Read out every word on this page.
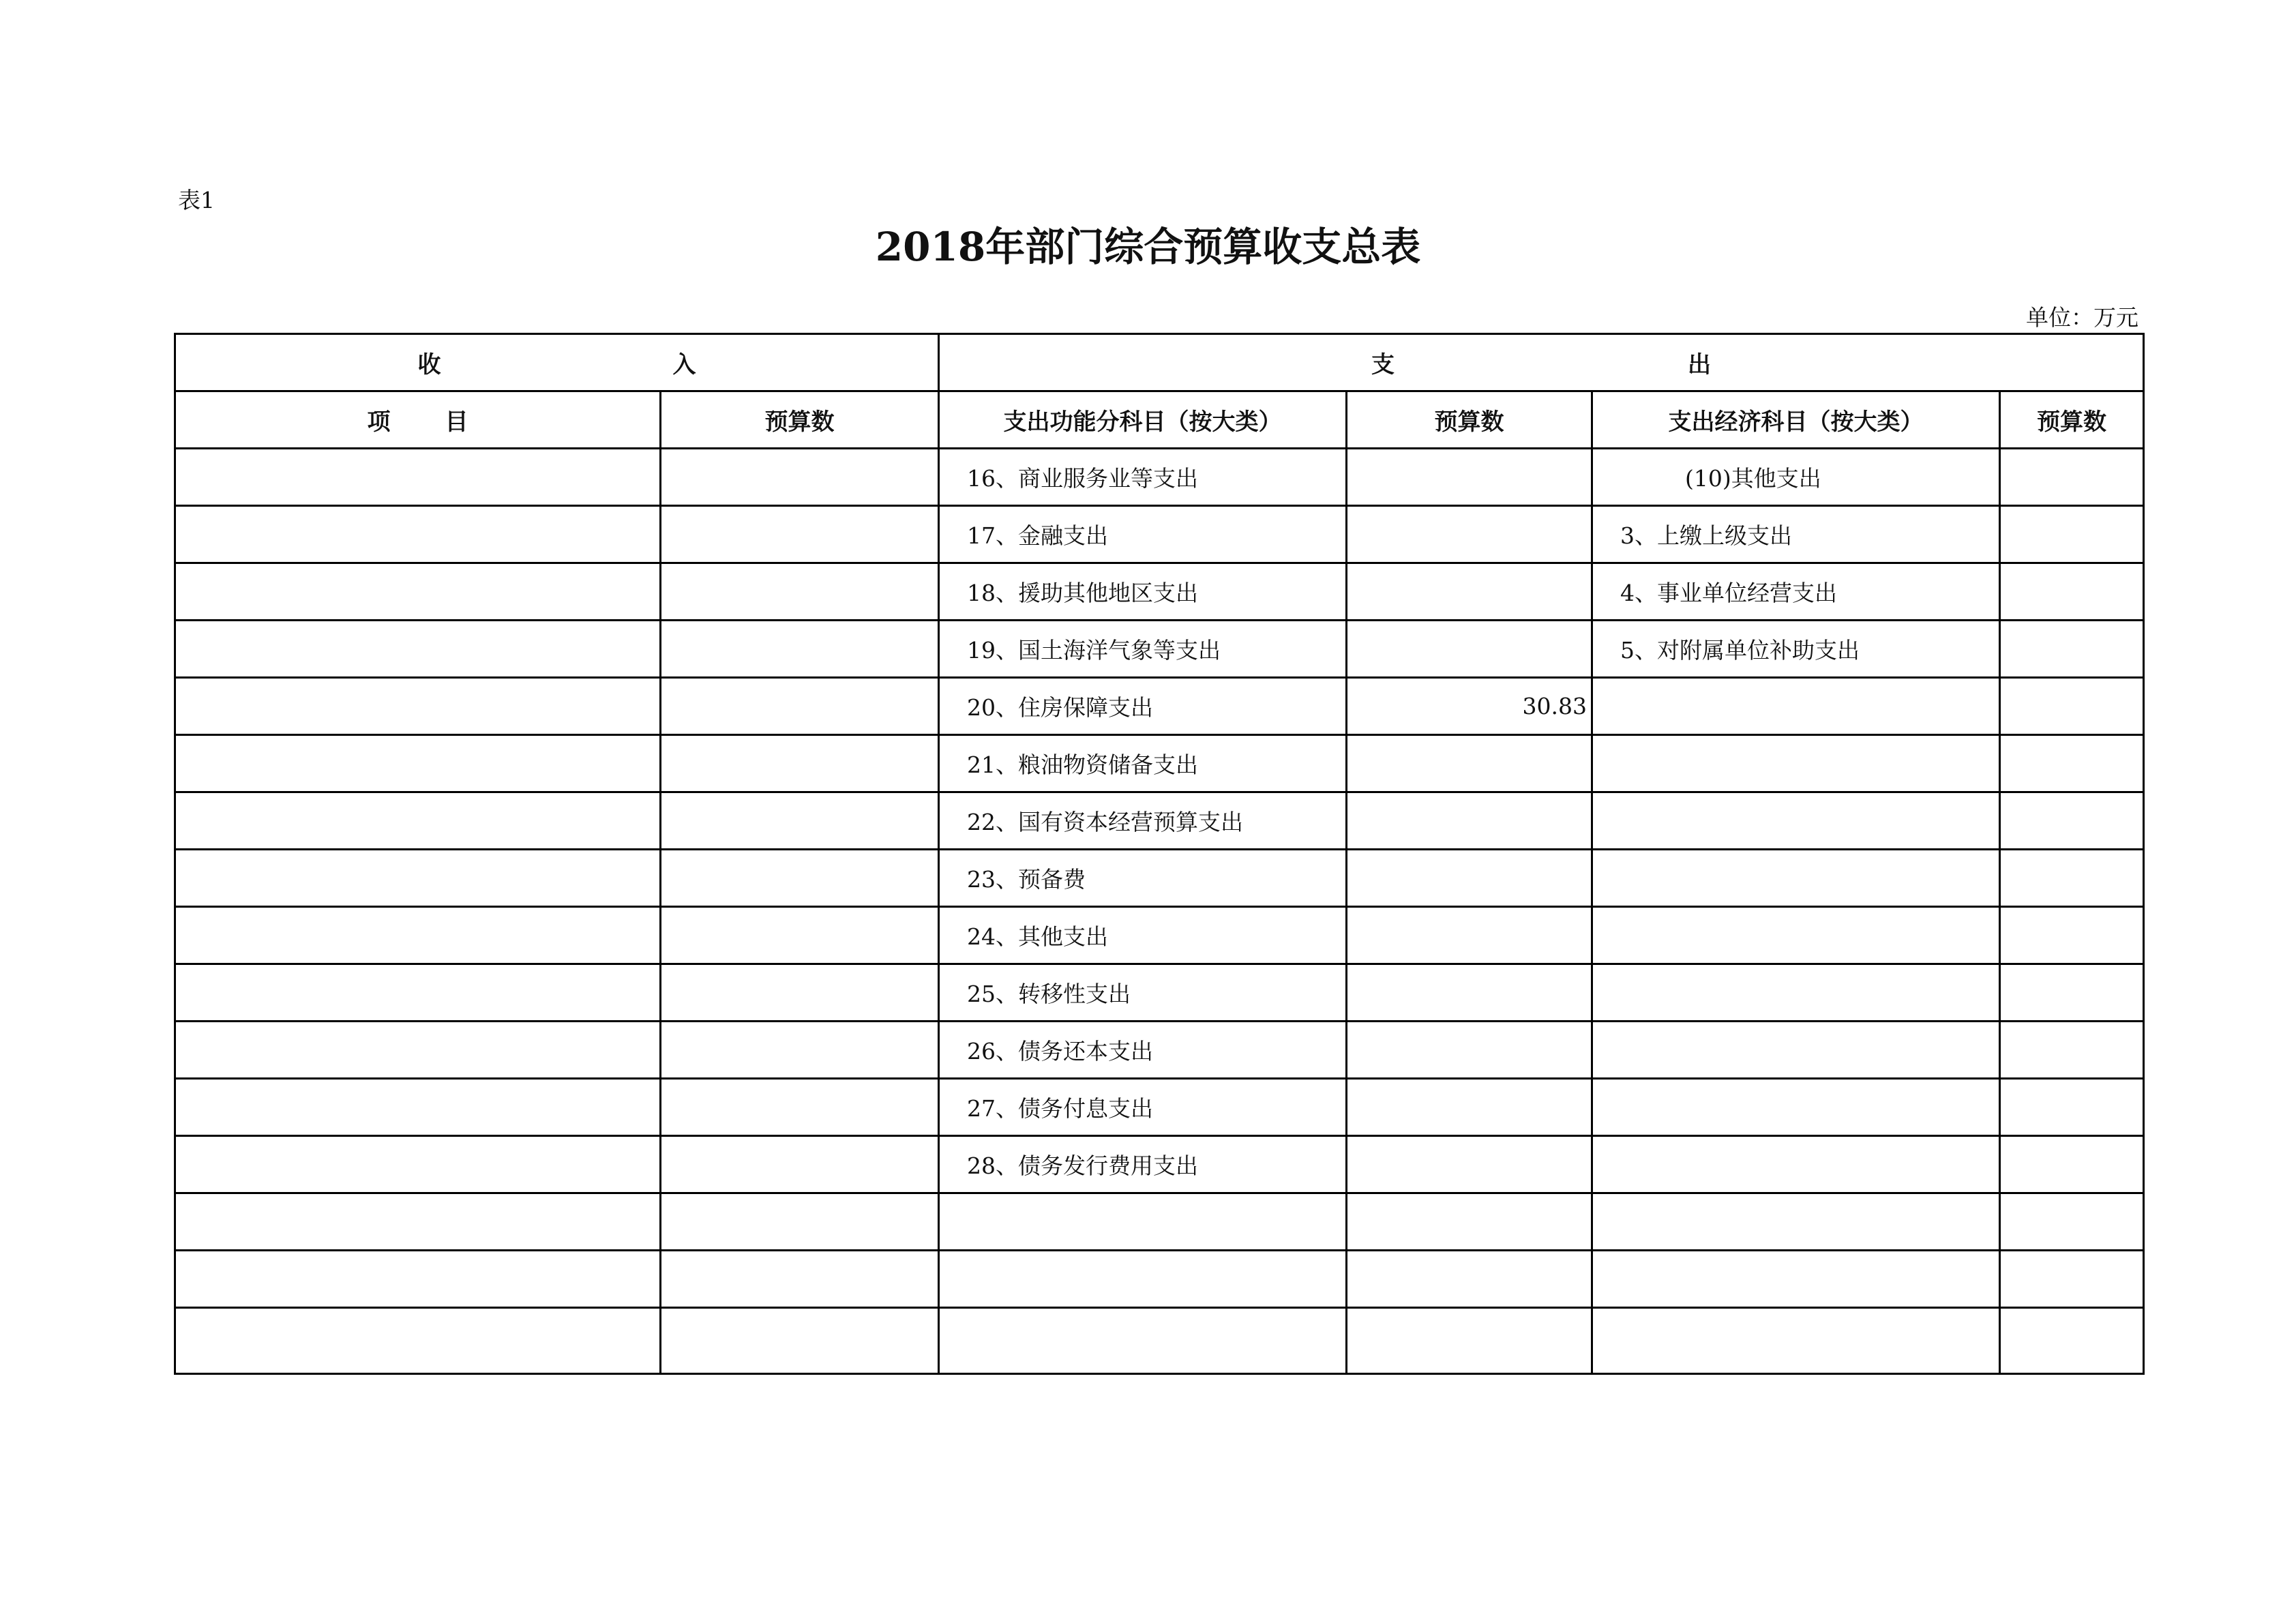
表1
2018年部门综合预算收支总表
单位：万元
收 入		支 出			

项 目	预算数	支出功能分科目（按大类）	预算数	支出经济科目（按大类）	预算数
		16、商业服务业等支出		(10)其他支出	
		17、金融支出		3、上缴上级支出	
		18、援助其他地区支出		4、事业单位经营支出	
		19、国土海洋气象等支出		5、对附属单位补助支出	
		20、住房保障支出	30.83		
		21、粮油物资储备支出			
		22、国有资本经营预算支出			
		23、预备费			
		24、其他支出			
		25、转移性支出			
		26、债务还本支出			
		27、债务付息支出			
		28、债务发行费用支出			
